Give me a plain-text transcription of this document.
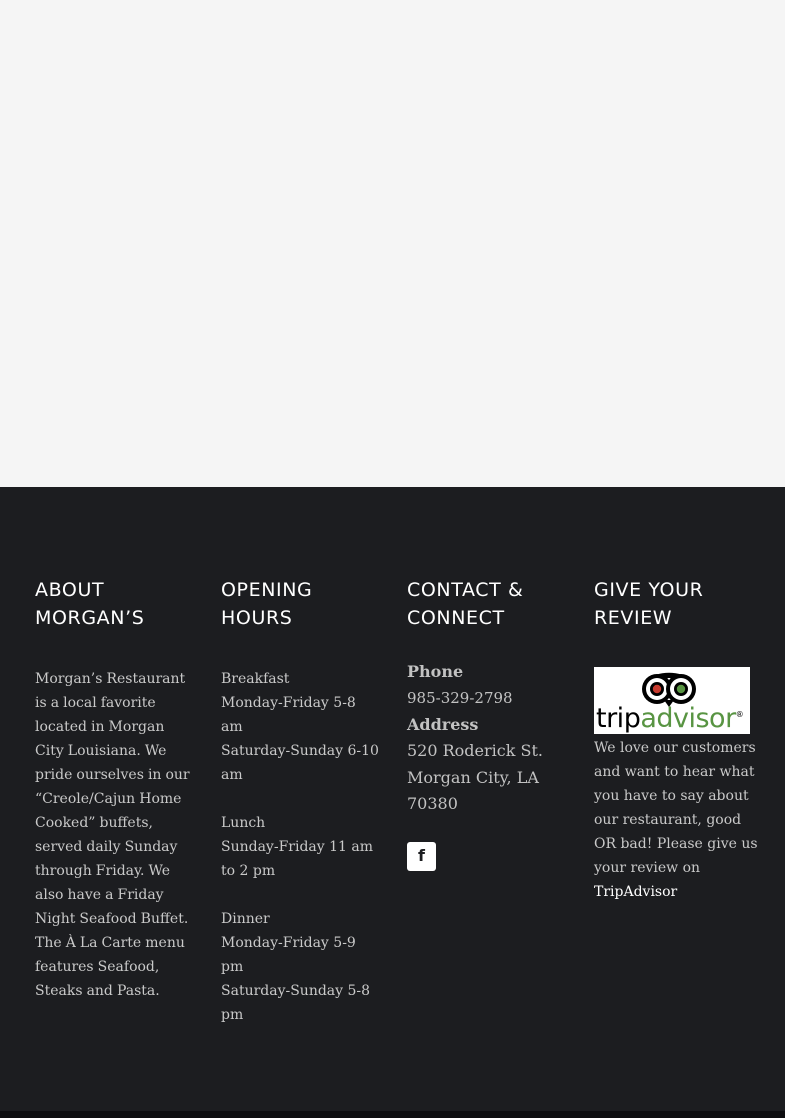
ABOUT MORGAN’S

Morgan’s Restaurant is a local favorite located in Morgan City Louisiana. We pride ourselves in our “Creole/Cajun Home Cooked” buffets, served daily Sunday through Friday. We also have a Friday Night Seafood Buffet. The À La Carte menu features Seafood, Steaks and Pasta.

OPENING HOURS
Breakfast
Monday-Friday 5-8 am
Saturday-Sunday 6-10 am
Lunch
Sunday-Friday 11 am to 2 pm
Dinner
Monday-Friday 5-9 pm
Saturday-Sunday 5-8 pm
CONTACT & CONNECT
Phone
985-329-2798
Address
520 Roderick St.
Morgan City, LA 70380
f
GIVE YOUR REVIEW
tripadvisor®
We love our customers and want to hear what you have to say about our restaurant, good OR bad! Please give us your review on TripAdvisor
